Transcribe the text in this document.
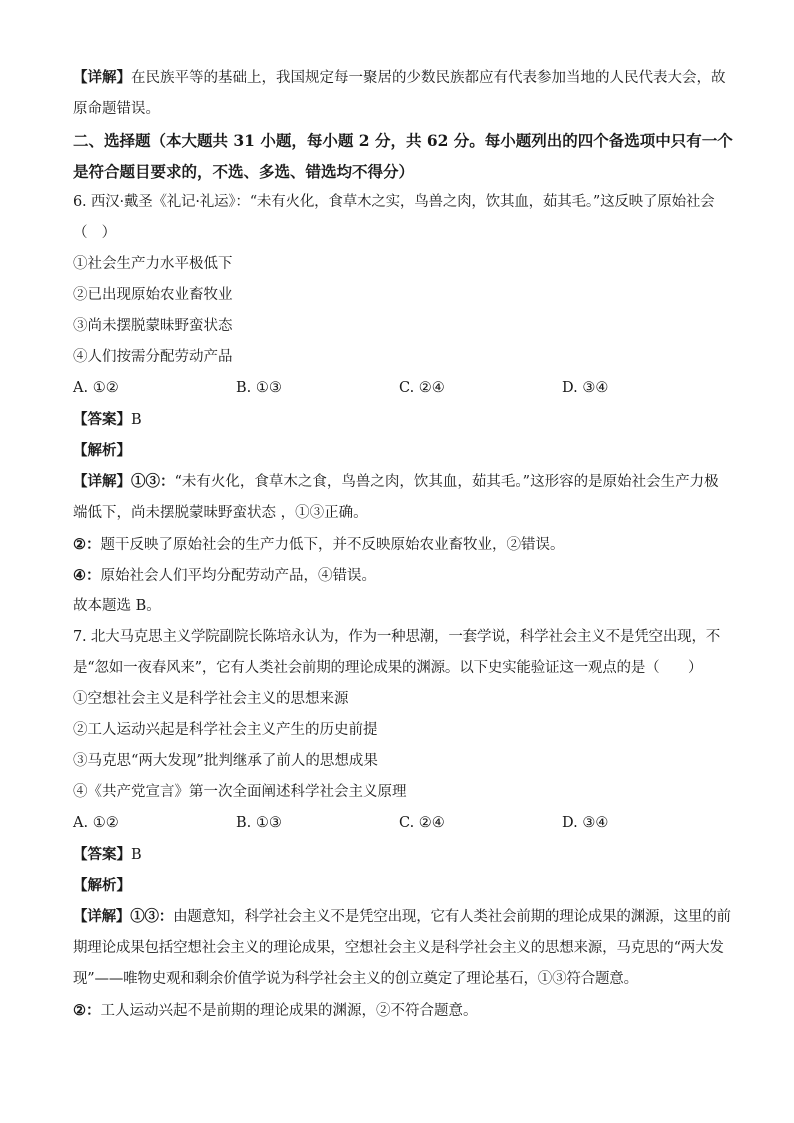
【详解】在民族平等的基础上，我国规定每一聚居的少数民族都应有代表参加当地的人民代表大会，故原命题错误。
二、选择题（本大题共 31 小题，每小题 2 分，共 62 分。每小题列出的四个备选项中只有一个是符合题目要求的，不选、多选、错选均不得分）
6. 西汉·戴圣《礼记·礼运》：“未有火化，食草木之实，鸟兽之肉，饮其血，茹其毛。”这反映了原始社会（　）
①社会生产力水平极低下
②已出现原始农业畜牧业
③尚未摆脱蒙昧野蛮状态
④人们按需分配劳动产品
A. ①②	B. ①③	C. ②④	D. ③④
【答案】B
【解析】
【详解】①③：“未有火化，食草木之食，鸟兽之肉，饮其血，茹其毛。”这形容的是原始社会生产力极端低下，尚未摆脱蒙昧野蛮状态 ，①③正确。
②：题干反映了原始社会的生产力低下，并不反映原始农业畜牧业，②错误。
④：原始社会人们平均分配劳动产品，④错误。
故本题选 B。
7. 北大马克思主义学院副院长陈培永认为，作为一种思潮，一套学说，科学社会主义不是凭空出现，不是“忽如一夜春风来”，它有人类社会前期的理论成果的渊源。以下史实能验证这一观点的是（　　）
①空想社会主义是科学社会主义的思想来源
②工人运动兴起是科学社会主义产生的历史前提
③马克思“两大发现”批判继承了前人的思想成果
④《共产党宣言》第一次全面阐述科学社会主义原理
A. ①②	B. ①③	C. ②④	D. ③④
【答案】B
【解析】
【详解】①③：由题意知，科学社会主义不是凭空出现，它有人类社会前期的理论成果的渊源，这里的前期理论成果包括空想社会主义的理论成果，空想社会主义是科学社会主义的思想来源，马克思的“两大发现”——唯物史观和剩余价值学说为科学社会主义的创立奠定了理论基石，①③符合题意。
②：工人运动兴起不是前期的理论成果的渊源，②不符合题意。
